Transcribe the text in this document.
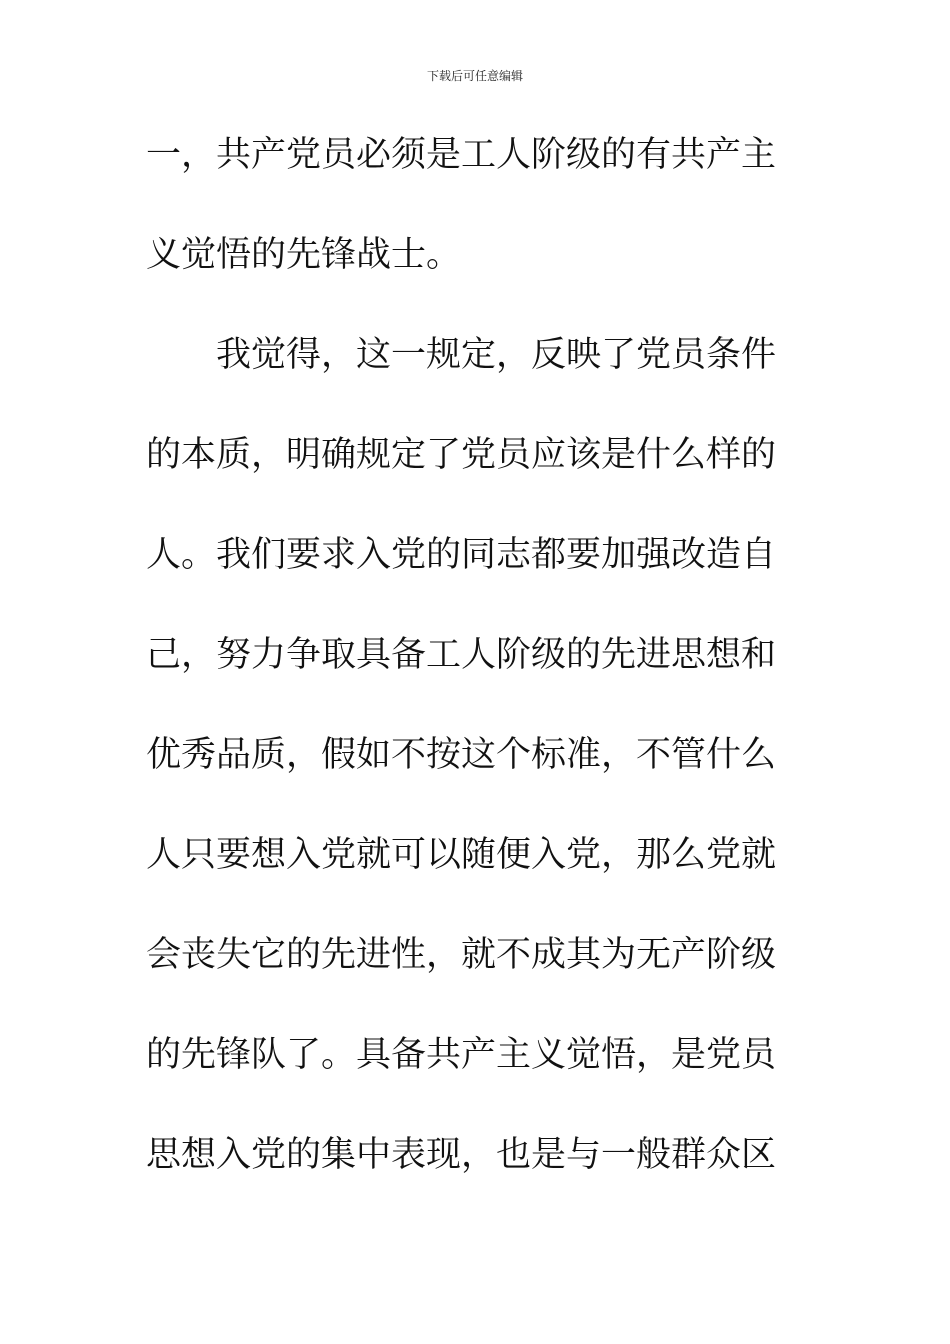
下载后可任意编辑
一，共产党员必须是工人阶级的有共产主
义觉悟的先锋战士。
　　我觉得，这一规定，反映了党员条件
的本质，明确规定了党员应该是什么样的
人。我们要求入党的同志都要加强改造自
己，努力争取具备工人阶级的先进思想和
优秀品质，假如不按这个标准，不管什么
人只要想入党就可以随便入党，那么党就
会丧失它的先进性，就不成其为无产阶级
的先锋队了。具备共产主义觉悟，是党员
思想入党的集中表现，也是与一般群众区
